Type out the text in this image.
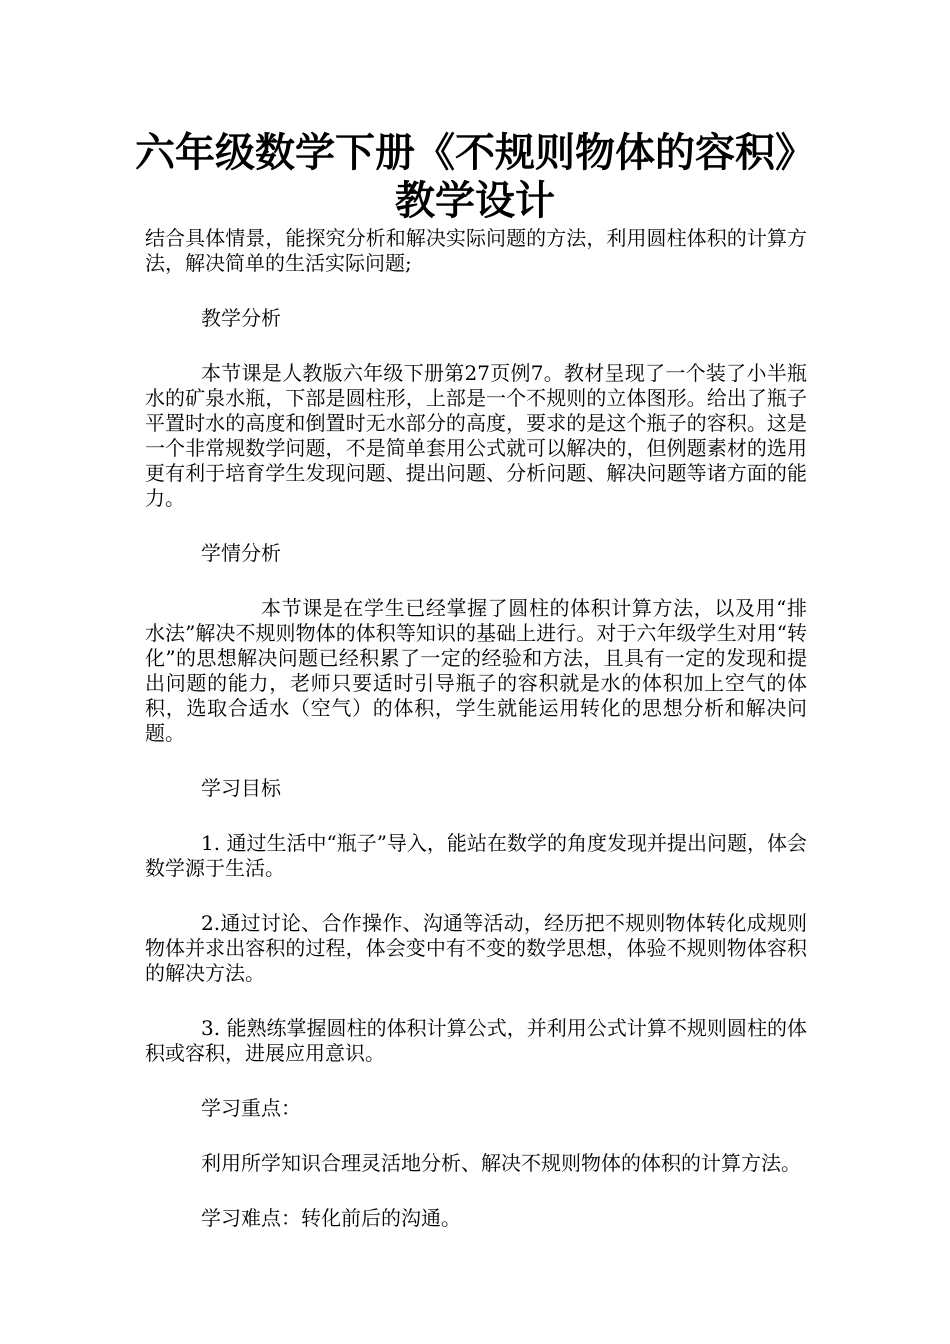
六年级数学下册《不规则物体的容积》
教学设计

结合具体情景，能探究分析和解决实际问题的方法，利用圆柱体积的计算方法，解决简单的生活实际问题;

教学分析

本节课是人教版六年级下册第27页例7。教材呈现了一个装了小半瓶水的矿泉水瓶，下部是圆柱形，上部是一个不规则的立体图形。给出了瓶子平置时水的高度和倒置时无水部分的高度，要求的是这个瓶子的容积。这是一个非常规数学问题，不是简单套用公式就可以解决的，但例题素材的选用更有利于培育学生发现问题、提出问题、分析问题、解决问题等诸方面的能力。

学情分析

本节课是在学生已经掌握了圆柱的体积计算方法，以及用“排水法”解决不规则物体的体积等知识的基础上进行。对于六年级学生对用“转化”的思想解决问题已经积累了一定的经验和方法，且具有一定的发现和提出问题的能力，老师只要适时引导瓶子的容积就是水的体积加上空气的体积，选取合适水（空气）的体积，学生就能运用转化的思想分析和解决问题。

学习目标

1. 通过生活中“瓶子”导入，能站在数学的角度发现并提出问题，体会数学源于生活。

2.通过讨论、合作操作、沟通等活动，经历把不规则物体转化成规则物体并求出容积的过程，体会变中有不变的数学思想，体验不规则物体容积的解决方法。

3. 能熟练掌握圆柱的体积计算公式，并利用公式计算不规则圆柱的体积或容积，进展应用意识。

学习重点：

利用所学知识合理灵活地分析、解决不规则物体的体积的计算方法。

学习难点：转化前后的沟通。
